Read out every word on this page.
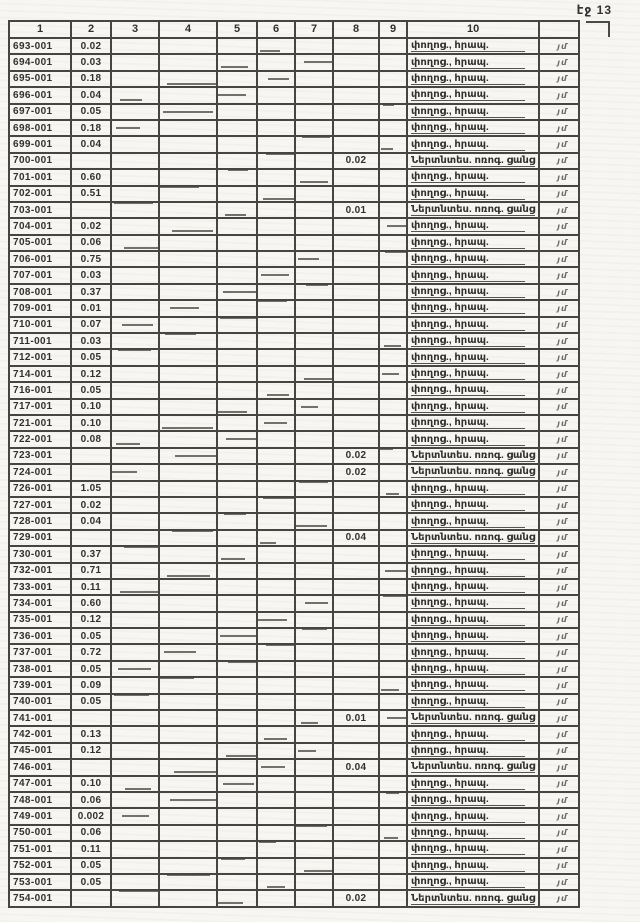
էջ 13
1	2	3	4	5	6	7	8	9	10	
693-001	0.02								փողոց., հրապ.	յմ
694-001	0.03								փողոց., հրապ.	յմ
695-001	0.18								փողոց., հրապ.	յմ
696-001	0.04								փողոց., հրապ.	յմ
697-001	0.05								փողոց., հրապ.	յմ
698-001	0.18								փողոց., հրապ.	յմ
699-001	0.04								փողոց., հրապ.	յմ
700-001							0.02		Ներտնտես. ոռոգ. ցանց	յմ
701-001	0.60								փողոց., հրապ.	յմ
702-001	0.51								փողոց., հրապ.	յմ
703-001							0.01		Ներտնտես. ոռոգ. ցանց	յմ
704-001	0.02								փողոց., հրապ.	յմ
705-001	0.06								փողոց., հրապ.	յմ
706-001	0.75								փողոց., հրապ.	յմ
707-001	0.03								փողոց., հրապ.	յմ
708-001	0.37								փողոց., հրապ.	յմ
709-001	0.01								փողոց., հրապ.	յմ
710-001	0.07								փողոց., հրապ.	յմ
711-001	0.03								փողոց., հրապ.	յմ
712-001	0.05								փողոց., հրապ.	յմ
714-001	0.12								փողոց., հրապ.	յմ
716-001	0.05								փողոց., հրապ.	յմ
717-001	0.10								փողոց., հրապ.	յմ
721-001	0.10								փողոց., հրապ.	յմ
722-001	0.08								փողոց., հրապ.	յմ
723-001							0.02		Ներտնտես. ոռոգ. ցանց	յմ
724-001							0.02		Ներտնտես. ոռոգ. ցանց	յմ
726-001	1.05								փողոց., հրապ.	յմ
727-001	0.02								փողոց., հրապ.	յմ
728-001	0.04								փողոց., հրապ.	յմ
729-001							0.04		Ներտնտես. ոռոգ. ցանց	յմ
730-001	0.37								փողոց., հրապ.	յմ
732-001	0.71								փողոց., հրապ.	յմ
733-001	0.11								փողոց., հրապ.	յմ
734-001	0.60								փողոց., հրապ.	յմ
735-001	0.12								փողոց., հրապ.	յմ
736-001	0.05								փողոց., հրապ.	յմ
737-001	0.72								փողոց., հրապ.	յմ
738-001	0.05								փողոց., հրապ.	յմ
739-001	0.09								փողոց., հրապ.	յմ
740-001	0.05								փողոց., հրապ.	յմ
741-001							0.01		Ներտնտես. ոռոգ. ցանց	յմ
742-001	0.13								փողոց., հրապ.	յմ
745-001	0.12								փողոց., հրապ.	յմ
746-001							0.04		Ներտնտես. ոռոգ. ցանց	յմ
747-001	0.10								փողոց., հրապ.	յմ
748-001	0.06								փողոց., հրապ.	յմ
749-001	0.002								փողոց., հրապ.	յմ
750-001	0.06								փողոց., հրապ.	յմ
751-001	0.11								փողոց., հրապ.	յմ
752-001	0.05								փողոց., հրապ.	յմ
753-001	0.05								փողոց., հրապ.	յմ
754-001							0.02		Ներտնտես. ոռոգ. ցանց	յմ
